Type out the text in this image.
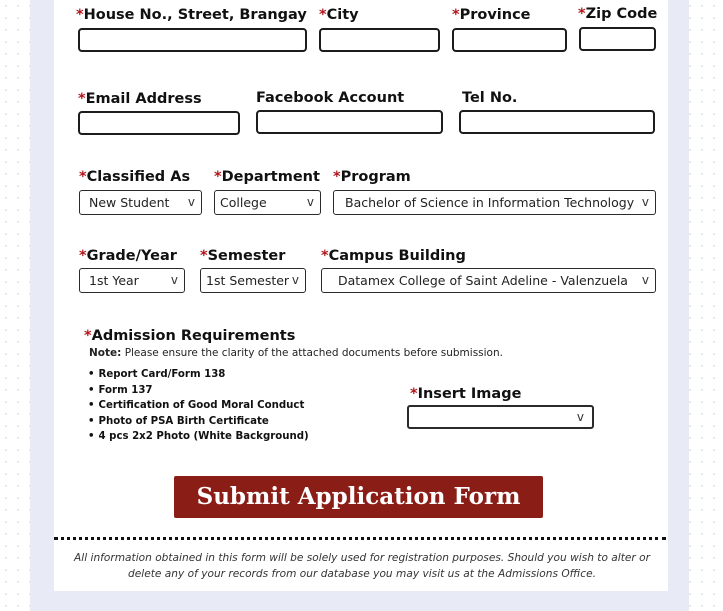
*House No., Street, Brangay *City	*Province	*Zip Code
*Email Address	Facebook Account	Tel No.
*Classified As
New Student v
*Department
College	v
*Program
Bachelor of Science in Information Technology v
*Grade/Year
1st Year	v
*Semester
1st Semester v
*Campus Building
Datamex College of Saint Adeline - Valenzuela v
*Admission Requirements
Note: Please ensure the clarity of the attached documents before submission.
• Report Card/Form 138
• Form 137
• Certification of Good Moral Conduct
• Photo of PSA Birth Certificate
• 4 pcs 2x2 Photo (White Background)
*Insert Image
v
Submit Application Form
All information obtained in this form will be solely used for registration purposes. Should you wish to alter or delete any of your records from our database you may visit us at the Admissions Office.
